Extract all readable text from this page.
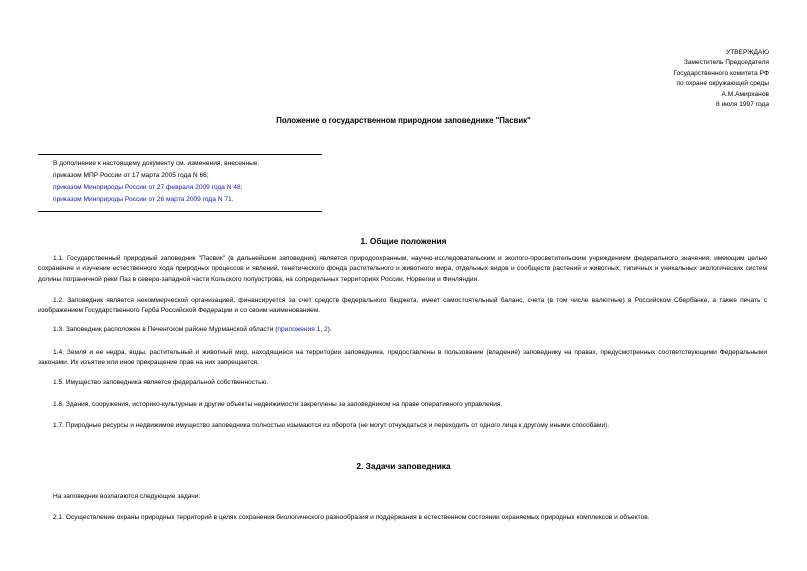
УТВЕРЖДАЮ
Заместитель Председателя
Государственного комитета РФ
по охране окружающей среды
А.М.Амирханов
8 июля 1997 года
Положение о государственном природном заповеднике "Пасвик"
В дополнение к настоящему документу см. изменения, внесенные:
приказом МПР России от 17 марта 2005 года N 66;
приказом Минприроды России от 27 февраля 2009 года N 48;
приказом Минприроды России от 26 марта 2009 года N 71.
1. Общие положения
1.1. Государственный природный заповедник "Пасвик" (в дальнейшем заповедник) является природоохранным, научно-исследовательским и эколого-просветительским учреждением федерального значения, имеющим целью сохранение и изучение естественного хода природных процессов и явлений, генетического фонда растительного и животного мира, отдельных видов и сообществ растений и животных, типичных и уникальных экологических систем долины пограничной реки Паз в северо-западной части Кольского полуострова, на сопредельных территориях России, Норвегии и Финляндии.
1.2. Заповедник является некоммерческой организацией, финансируется за счет средств федерального бюджета, имеет самостоятельный баланс, счета (в том числе валютные) в Российском Сбербанке, а также печать с изображением Государственного Герба Российской Федерации и со своим наименованием.
1.3. Заповедник расположен в Печенгском районе Мурманской области (приложения 1, 2).
1.4. Земля и ее недра, воды, растительный и животный мир, находящиеся на территории заповедника, предоставлены в пользование (владение) заповеднику на правах, предусмотренных соответствующими Федеральными законами. Их изъятие или иное прекращение прав на них запрещается.
1.5. Имущество заповедника является федеральной собственностью.
1.6. Здания, сооружения, историко-культурные и другие объекты недвижимости закреплены за заповедником на праве оперативного управления.
1.7. Природные ресурсы и недвижимое имущество заповедника полностью изымаются из оборота (не могут отчуждаться и переходить от одного лица к другому иными способами).
2. Задачи заповедника
На заповедник возлагаются следующие задачи:
2.1. Осуществление охраны природных территорий в целях сохранения биологического разнообразия и поддержания в естественном состоянии охраняемых природных комплексов и объектов.
